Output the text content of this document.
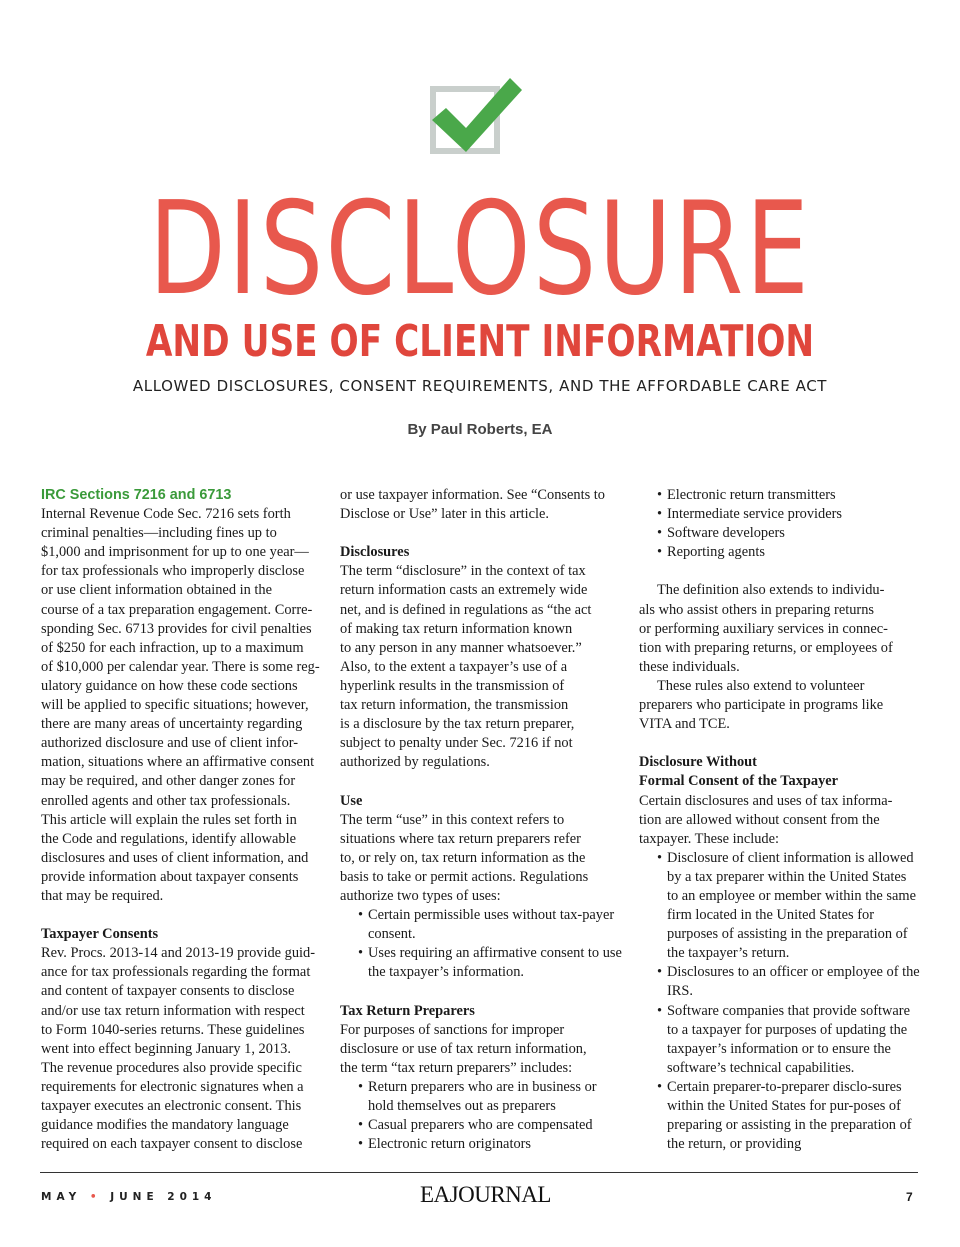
DISCLOSURE
AND USE OF CLIENT INFORMATION
ALLOWED DISCLOSURES, CONSENT REQUIREMENTS, AND THE AFFORDABLE CARE ACT
By Paul Roberts, EA

IRC Sections 7216 and 6713

Internal Revenue Code Sec. 7216 sets forth

criminal penalties—including fines up to

$1,000 and imprisonment for up to one year—

for tax professionals who improperly disclose

or use client information obtained in the

course of a tax preparation engagement. Corre-

sponding Sec. 6713 provides for civil penalties

of $250 for each infraction, up to a maximum

of $10,000 per calendar year. There is some reg-

ulatory guidance on how these code sections

will be applied to specific situations; however,

there are many areas of uncertainty regarding

authorized disclosure and use of client infor-

mation, situations where an affirmative consent

may be required, and other danger zones for

enrolled agents and other tax professionals.

This article will explain the rules set forth in

the Code and regulations, identify allowable

disclosures and uses of client information, and

provide information about taxpayer consents

that may be required.

Taxpayer Consents

Rev. Procs. 2013-14 and 2013-19 provide guid-

ance for tax professionals regarding the format

and content of taxpayer consents to disclose

and/or use tax return information with respect

to Form 1040-series returns. These guidelines

went into effect beginning January 1, 2013.

The revenue procedures also provide specific

requirements for electronic signatures when a

taxpayer executes an electronic consent. This

guidance modifies the mandatory language

required on each taxpayer consent to disclose

or use taxpayer information. See “Consents to

Disclose or Use” later in this article.

Disclosures

The term “disclosure” in the context of tax

return information casts an extremely wide

net, and is defined in regulations as “the act

of making tax return information known

to any person in any manner whatsoever.”

Also, to the extent a taxpayer’s use of a

hyperlink results in the transmission of

tax return information, the transmission

is a disclosure by the tax return preparer,

subject to penalty under Sec. 7216 if not

authorized by regulations.

Use

The term “use” in this context refers to

situations where tax return preparers refer

to, or rely on, tax return information as the

basis to take or permit actions. Regulations

authorize two types of uses:

• Certain permissible uses without tax-payer consent.
• Uses requiring an affirmative consent to use the taxpayer’s information.

Tax Return Preparers

For purposes of sanctions for improper

disclosure or use of tax return information,

the term “tax return preparers” includes:

• Return preparers who are in business or hold themselves out as preparers
• Casual preparers who are compensated
• Electronic return originators
• Electronic return transmitters
• Intermediate service providers
• Software developers
• Reporting agents

The definition also extends to individu-

als who assist others in preparing returns

or performing auxiliary services in connec-

tion with preparing returns, or employees of

these individuals.

These rules also extend to volunteer

preparers who participate in programs like

VITA and TCE.

Disclosure Without

Formal Consent of the Taxpayer

Certain disclosures and uses of tax informa-

tion are allowed without consent from the

taxpayer. These include:

• Disclosure of client information is allowed by a tax preparer within the United States to an employee or member within the same firm located in the United States for purposes of assisting in the preparation of the taxpayer’s return.
• Disclosures to an officer or employee of the IRS.
• Software companies that provide software to a taxpayer for purposes of updating the taxpayer’s information or to ensure the software’s technical capabilities.
• Certain preparer-to-preparer disclo-sures within the United States for pur-poses of preparing or assisting in the preparation of the return, or providing
MAY • JUNE 2014	EAJOURNAL	7
